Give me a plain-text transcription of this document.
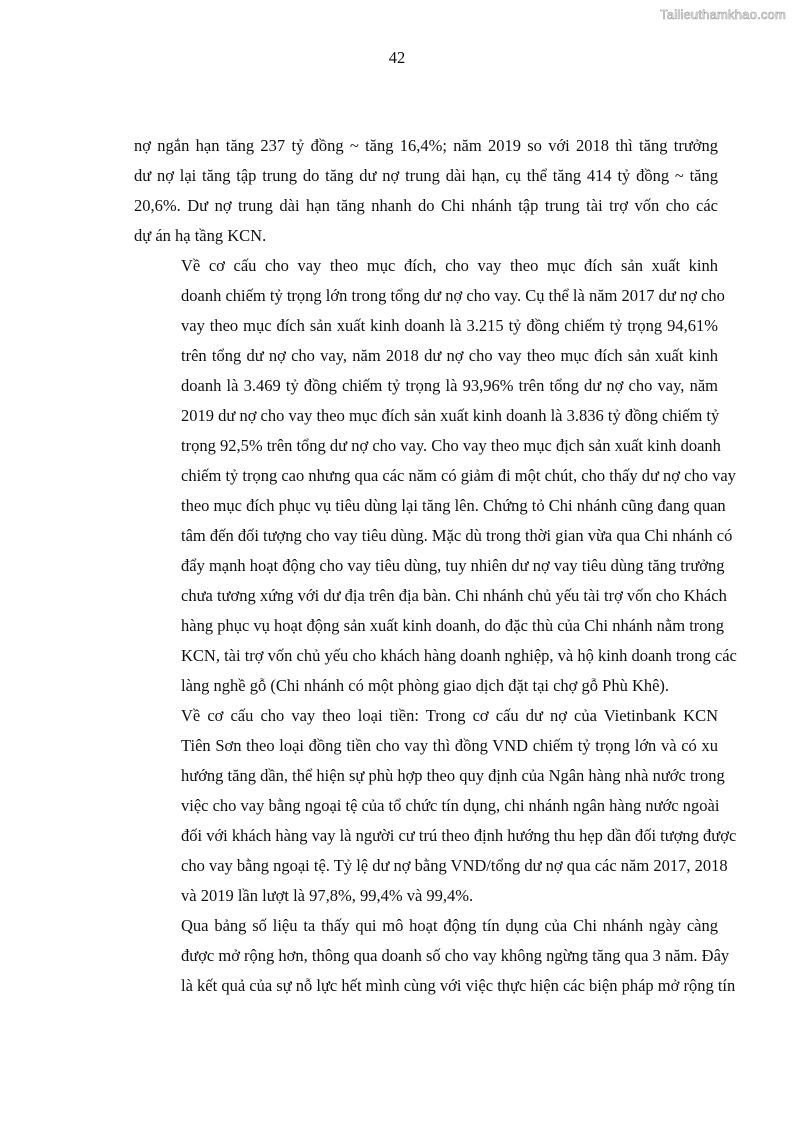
Tailieuthamkhao.com
42

nợ ngắn hạn tăng 237 tỷ đồng ~ tăng 16,4%; năm 2019 so với 2018 thì tăng trưởng
dư nợ lại tăng tập trung do tăng dư nợ trung dài hạn, cụ thể tăng 414 tỷ đồng ~ tăng
20,6%. Dư nợ trung dài hạn tăng nhanh do Chi nhánh tập trung tài trợ vốn cho các
dự án hạ tầng KCN.

Về cơ cấu cho vay theo mục đích, cho vay theo mục đích sản xuất kinh
doanh chiếm tỷ trọng lớn trong tổng dư nợ cho vay. Cụ thể là năm 2017 dư nợ cho
vay theo mục đích sản xuất kinh doanh là 3.215 tỷ đồng chiếm tỷ trọng 94,61%
trên tổng dư nợ cho vay, năm 2018 dư nợ cho vay theo mục đích sản xuất kinh
doanh là 3.469 tỷ đồng chiếm tỷ trọng là 93,96% trên tổng dư nợ cho vay, năm
2019 dư nợ cho vay theo mục đích sản xuất kinh doanh là 3.836 tỷ đồng chiếm tỷ
trọng 92,5% trên tổng dư nợ cho vay. Cho vay theo mục địch sản xuất kinh doanh
chiếm tỷ trọng cao nhưng qua các năm có giảm đi một chút, cho thấy dư nợ cho vay
theo mục đích phục vụ tiêu dùng lại tăng lên. Chứng tỏ Chi nhánh cũng đang quan
tâm đến đối tượng cho vay tiêu dùng. Mặc dù trong thời gian vừa qua Chi nhánh có
đẩy mạnh hoạt động cho vay tiêu dùng, tuy nhiên dư nợ vay tiêu dùng tăng trưởng
chưa tương xứng với dư địa trên địa bàn. Chi nhánh chủ yếu tài trợ vốn cho Khách
hàng phục vụ hoạt động sản xuất kinh doanh, do đặc thù của Chi nhánh nằm trong
KCN, tài trợ vốn chủ yếu cho khách hàng doanh nghiệp, và hộ kinh doanh trong các
làng nghề gỗ (Chi nhánh có một phòng giao dịch đặt tại chợ gỗ Phù Khê).

Về cơ cấu cho vay theo loại tiền: Trong cơ cấu dư nợ của Vietinbank KCN
Tiên Sơn theo loại đồng tiền cho vay thì đồng VND chiếm tỷ trọng lớn và có xu
hướng tăng dần, thể hiện sự phù hợp theo quy định của Ngân hàng nhà nước trong
việc cho vay bằng ngoại tệ của tổ chức tín dụng, chi nhánh ngân hàng nước ngoài
đối với khách hàng vay là người cư trú theo định hướng thu hẹp dần đối tượng được
cho vay bằng ngoại tệ. Tỷ lệ dư nợ bằng VND/tổng dư nợ qua các năm 2017, 2018
và 2019 lần lượt là 97,8%, 99,4% và 99,4%.

Qua bảng số liệu ta thấy qui mô hoạt động tín dụng của Chi nhánh ngày càng
được mở rộng hơn, thông qua doanh số cho vay không ngừng tăng qua 3 năm. Đây
là kết quả của sự nỗ lực hết mình cùng với việc thực hiện các biện pháp mở rộng tín
